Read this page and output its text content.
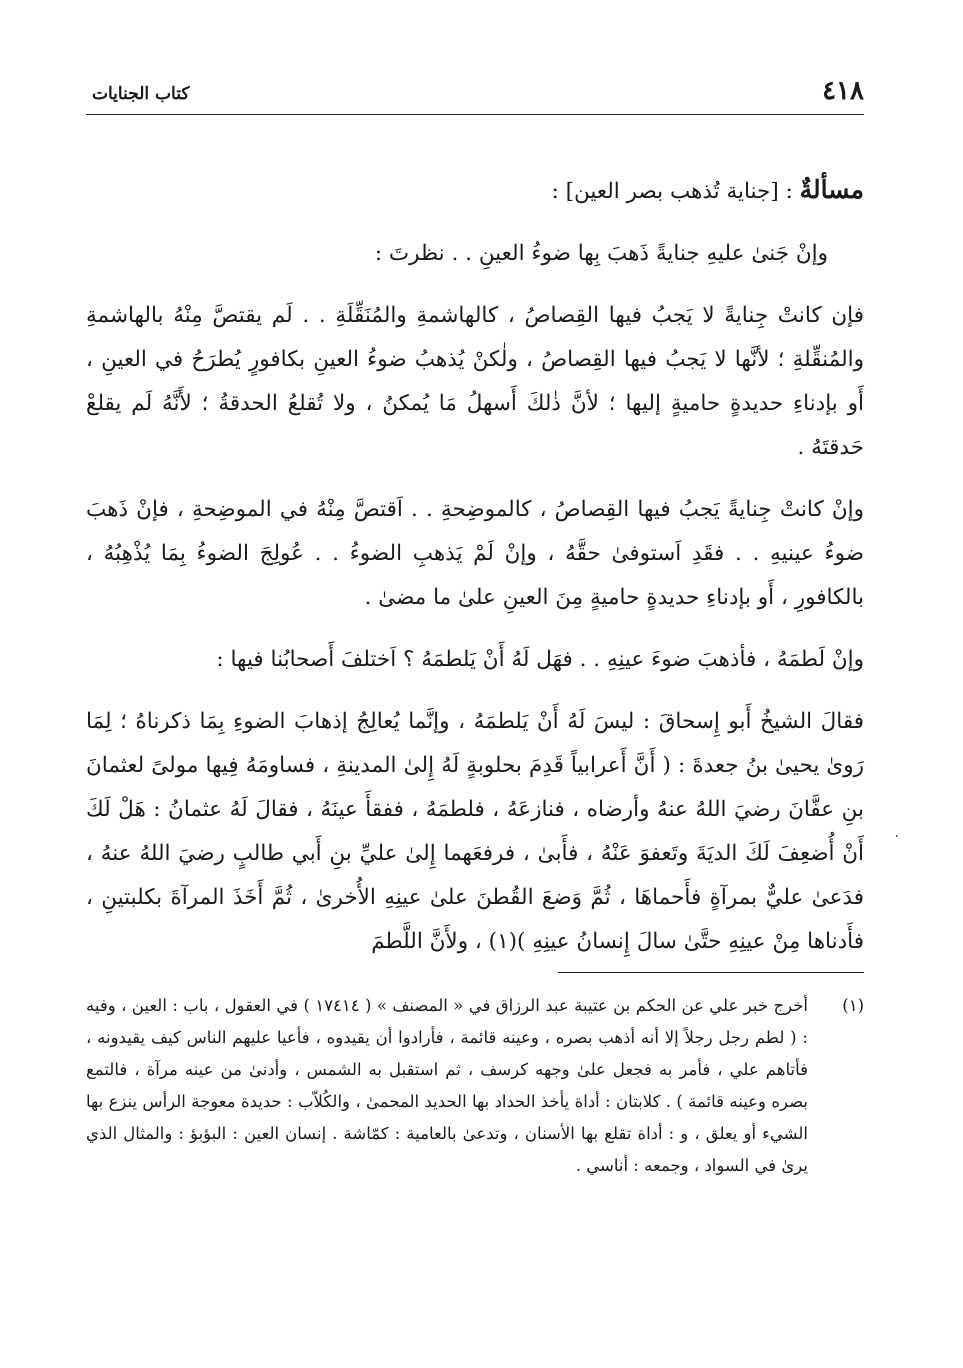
٤١٨
كتاب الجنايات

مسألةٌ : [جناية تُذهب بصر العين] :

وإنْ جَنىٰ عليهِ جنايةً ذَهبَ بِها ضوءُ العينِ . . نظرتَ :

فإن كانتْ جِنايةً لا يَجبُ فيها القِصاصُ ، كالهاشمةِ والمُنَقِّلَةِ . . لَم يقتصَّ مِنْهُ بالهاشمةِ والمُنقِّلةِ ؛ لأنَّها لا يَجبُ فيها القِصاصُ ، ولٰكنْ يُذهبُ ضوءُ العينِ بكافورٍ يُطرَحُ في العينِ ، أَو بإدناءِ حديدةٍ حاميةٍ إليها ؛ لأنَّ ذٰلكَ أَسهلُ مَا يُمكنُ ، ولا تُقلعُ الحدقةُ ؛ لأَنَّهُ لَم يقلعْ حَدقتَهُ .

وإنْ كانتْ جِنايةً يَجبُ فيها القِصاصُ ، كالموضِحةِ . . اَقتصَّ مِنْهُ في الموضِحةِ ، فإنْ ذَهبَ ضوءُ عينيهِ . . فقَدِ اَستوفىٰ حقَّهُ ، وإنْ لَمْ يَذهبِ الضوءُ . . عُولِجَ الضوءُ بِمَا يُذْهِبُهُ ، بالكافورِ ، أَو بإدناءِ حديدةٍ حاميةٍ مِنَ العينِ علىٰ ما مضىٰ .

وإنْ لَطمَهُ ، فأذهبَ ضوءَ عينِهِ . . فهَل لَهُ أَنْ يَلطمَهُ ؟ اَختلفَ أَصحابُنا فيها :

فقالَ الشيخُ أَبو إِسحاقَ : ليسَ لَهُ أَنْ يَلطمَهُ ، وإنَّما يُعالِجُ إذهابَ الضوءِ بِمَا ذكرناهُ ؛ لِمَا رَوىٰ يحيىٰ بنُ جعدةَ : ( أَنَّ أَعرابياً قَدِمَ بحلوبةٍ لَهُ إِلىٰ المدينةِ ، فساومَهُ فِيها مولىً لعثمانَ بنِ عفَّانَ رضيَ اللهُ عنهُ وأرضاه ، فنازعَهُ ، فلطمَهُ ، ففقأَ عينَهُ ، فقالَ لَهُ عثمانُ : هَلْ لَكَ أَنْ أُضعِفَ لَكَ الديَةَ وتَعفوَ عَنْهُ ، فأَبىٰ ، فرفعَهما إِلىٰ عليِّ بنِ أَبي طالبٍ رضيَ اللهُ عنهُ ، فدَعىٰ عليٌّ بمرآةٍ فأَحماهَا ، ثُمَّ وَضعَ القُطنَ علىٰ عينِهِ الأُخرىٰ ، ثُمَّ أَخَذَ المرآةَ بكلبتينِ ، فأَدناها مِنْ عينِهِ حتَّىٰ سالَ إِنسانُ عينِهِ )(١) ، ولأَنَّ اللَّطمَ

(١)
أخرج خبر علي عن الحكم بن عتيبة عبد الرزاق في « المصنف » ( ١٧٤١٤ ) في العقول ، باب : العين ، وفيه : ( لطم رجل رجلاً إلا أنه أذهب بصره ، وعينه قائمة ، فأرادوا أن يقيدوه ، فأعيا عليهم الناس كيف يقيدونه ، فأتاهم علي ، فأمر به فجعل علىٰ وجهه كرسف ، ثم استقبل به الشمس ، وأدنىٰ من عينه مرآة ، فالتمع بصره وعينه قائمة ) . كلابتان : أداة يأخذ الحداد بها الحديد المحمىٰ ، والكُلاّب : حديدة معوجة الرأس ينزع بها الشيء أو يعلق ، و : أداة تقلع بها الأسنان ، وتدعىٰ بالعامية : كمّاشة . إنسان العين : البؤبؤ : والمثال الذي يرىٰ في السواد ، وجمعه : أناسي .
٠
